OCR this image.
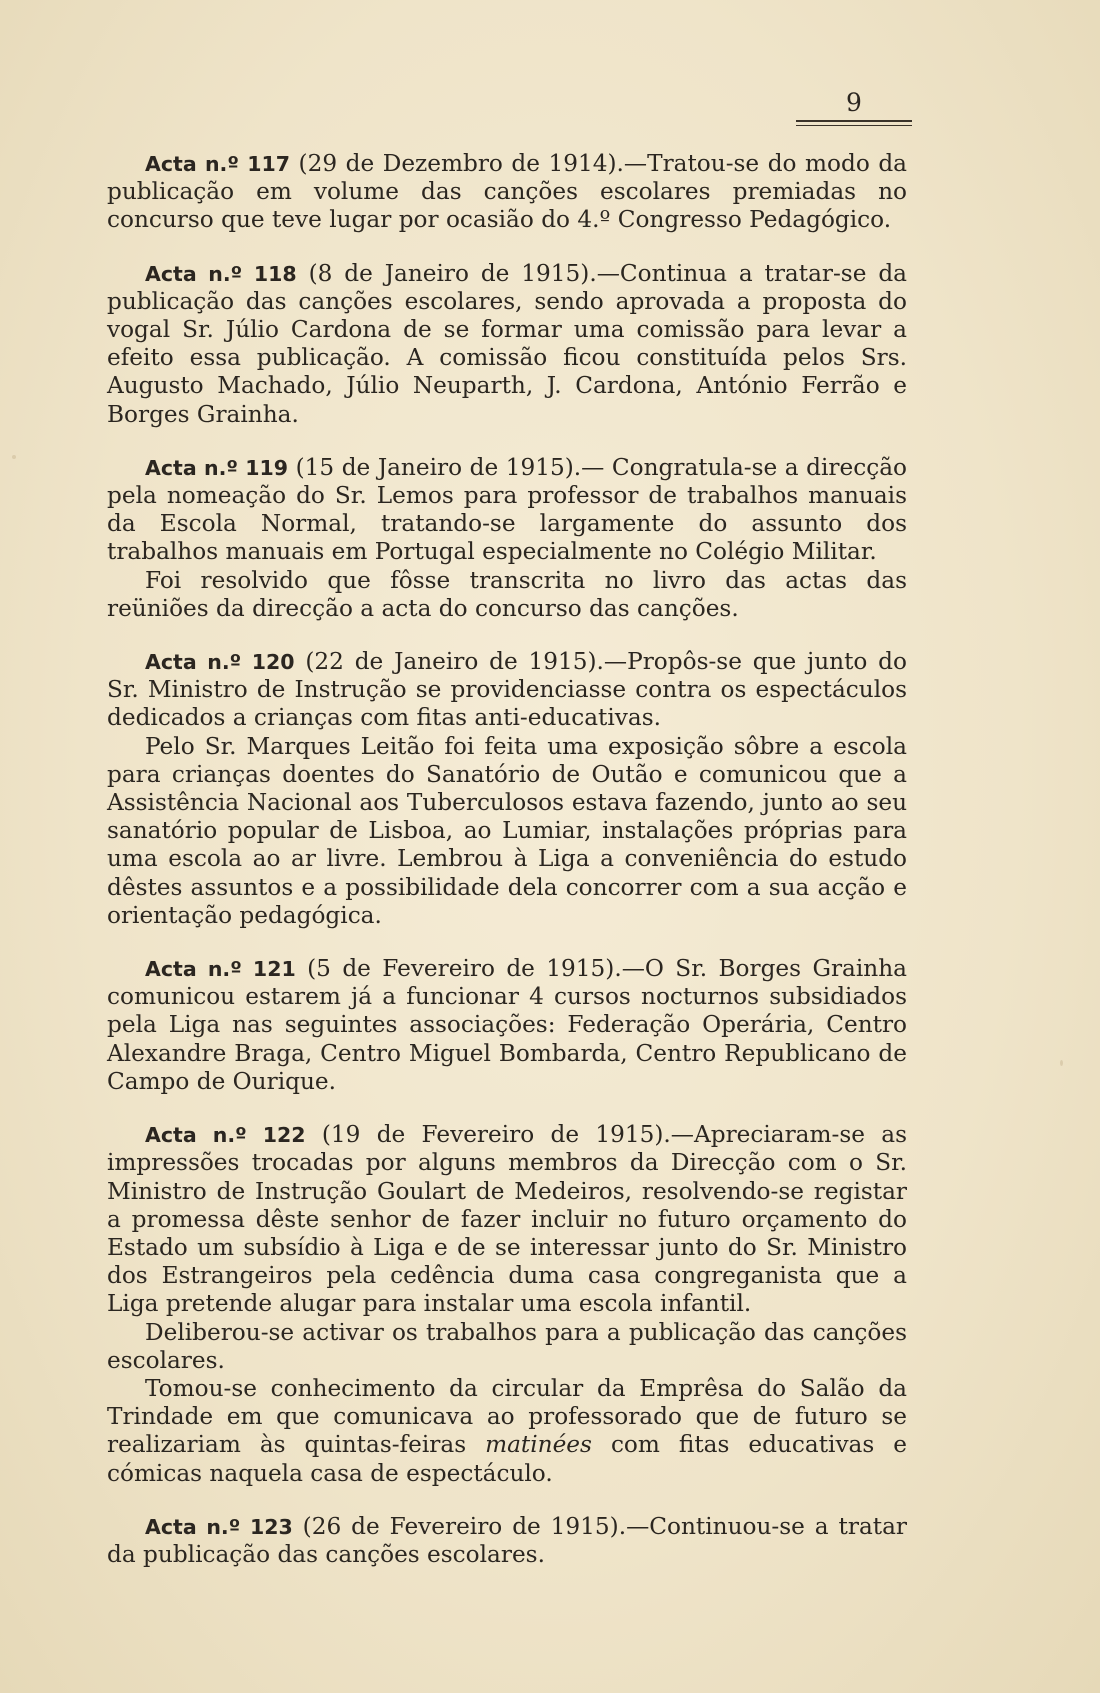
9

Acta n.º 117 (29 de Dezembro de 1914).—Tratou-se do modo da publicação em volume das canções escolares premiadas no concurso que teve lugar por ocasião do 4.º Congresso Pedagógico.

Acta n.º 118 (8 de Janeiro de 1915).—Continua a tratar-se da publicação das canções escolares, sendo aprovada a proposta do vogal Sr. Júlio Cardona de se formar uma comissão para levar a efeito essa publicação. A comissão ficou constituída pelos Srs. Augusto Machado, Júlio Neuparth, J. Cardona, António Ferrão e Borges Grainha.

Acta n.º 119 (15 de Janeiro de 1915).— Congratula-se a direcção pela nomeação do Sr. Lemos para professor de trabalhos manuais da Escola Normal, tratando-se largamente do assunto dos trabalhos manuais em Portugal especialmente no Colégio Militar.

Foi resolvido que fôsse transcrita no livro das actas das reüniões da direcção a acta do concurso das canções.

Acta n.º 120 (22 de Janeiro de 1915).—Propôs-se que junto do Sr. Ministro de Instrução se providenciasse contra os espectáculos dedicados a crianças com fitas anti-educativas.

Pelo Sr. Marques Leitão foi feita uma exposição sôbre a escola para crianças doentes do Sanatório de Outão e comunicou que a Assistência Nacional aos Tuberculosos estava fazendo, junto ao seu sanatório popular de Lisboa, ao Lumiar, instalações próprias para uma escola ao ar livre. Lembrou à Liga a conveniência do estudo dêstes assuntos e a possibilidade dela concorrer com a sua acção e orientação pedagógica.

Acta n.º 121 (5 de Fevereiro de 1915).—O Sr. Borges Grainha comunicou estarem já a funcionar 4 cursos nocturnos subsidiados pela Liga nas seguintes associações: Federação Operária, Centro Alexandre Braga, Centro Miguel Bombarda, Centro Republicano de Campo de Ourique.

Acta n.º 122 (19 de Fevereiro de 1915).—Apreciaram-se as impressões trocadas por alguns membros da Direcção com o Sr. Ministro de Instrução Goulart de Medeiros, resolvendo-se registar a promessa dêste senhor de fazer incluir no futuro orçamento do Estado um subsídio à Liga e de se interessar junto do Sr. Ministro dos Estrangeiros pela cedência duma casa congreganista que a Liga pretende alugar para instalar uma escola infantil.

Deliberou-se activar os trabalhos para a publicação das canções escolares.

Tomou-se conhecimento da circular da Emprêsa do Salão da Trindade em que comunicava ao professorado que de futuro se realizariam às quintas-feiras matinées com fitas educativas e cómicas naquela casa de espectáculo.

Acta n.º 123 (26 de Fevereiro de 1915).—Continuou-se a tratar da publicação das canções escolares.
